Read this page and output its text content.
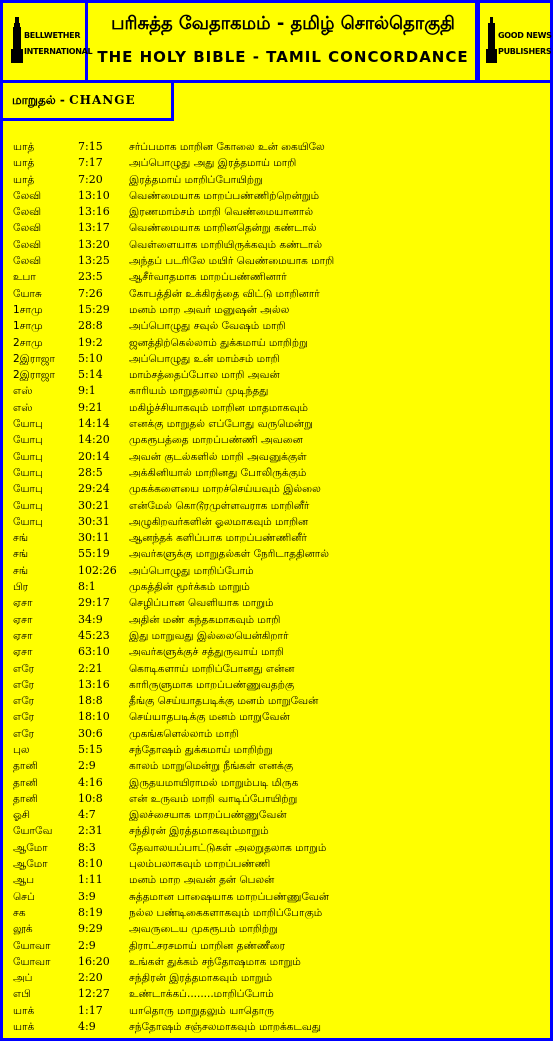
BELLWETHER
INTERNATIONAL
பரிசுத்த வேதாகமம் - தமிழ் சொல்தொகுதி
THE HOLY BIBLE - TAMIL CONCORDANCE
GOOD NEWS
PUBLISHERS
மாறுதல் - CHANGE
யாத்	7:15	சர்ப்பமாக மாறின கோலை உன் கையிலே
யாத்	7:17	அப்பொழுது அது இரத்தமாய் மாறி
யாத்	7:20	இரத்தமாய் மாறிப்போயிற்று
லேவி	13:10 வெண்மையாக மாறப்பண்ணிற்றென்றும்
லேவி	13:16 இரணமாம்சம் மாறி வெண்மையானால்
லேவி	13:17 வெண்மையாக மாறினதென்று கண்டால்
லேவி	13:20 வெள்ளையாக மாறியிருக்கவும் கண்டால்
லேவி	13:25 அந்தப் படரிலே மயிர் வெண்மையாக மாறி
உபா	23:5	ஆசீர்வாதமாக மாறப்பண்ணினார்
யோசு	7:26	கோபத்தின் உக்கிரத்தை விட்டு மாறினார்
1சாமு	15:29 மனம் மாற அவர் மனுஷன் அல்ல
1சாமு	28:8	அப்பொழுது சவுல் வேஷம் மாறி
2சாமு	19:2	ஜனத்திற்கெல்லாம் துக்கமாய் மாறிற்று
2இராஜா 5:10	அப்பொழுது உன் மாம்சம் மாறி
2இராஜா 5:14	மாம்சத்தைப்போல மாறி அவன்
எஸ்	9:1	காரியம் மாறுதலாய் முடிந்தது
எஸ்	9:21	மகிழ்ச்சியாகவும் மாறின மாதமாகவும்
யோபு	14:14 எனக்கு மாறுதல் எப்போது வருமென்று
யோபு	14:20 முகரூபத்தை மாறப்பண்ணி அவனை
யோபு	20:14 அவன் குடல்களில் மாறி அவனுக்குள்
யோபு	28:5	அக்கினியால் மாறினது போலிருக்கும்
யோபு	29:24 முகக்களையை மாறச்செய்யவும் இல்லை
யோபு	30:21 என்மேல் கொடூரமுள்ளவராக மாறினீர்
யோபு	30:31 அழுகிறவர்களின் ஓலமாகவும் மாறின
சங்	30:11 ஆனந்தக் களிப்பாக மாறப்பண்ணினீர்
சங்	55:19 அவர்களுக்கு மாறுதல்கள் நேரிடாததினால்
சங்	102:26 அப்பொழுது மாறிப்போம்
பிர	8:1	முகத்தின் மூர்க்கம் மாறும்
ஏசா	29:17 செழிப்பான வெளியாக மாறும்
ஏசா	34:9	அதின் மண் கந்தகமாகவும் மாறி
ஏசா	45:23 இது மாறுவது இல்லையென்கிறார்
ஏசா	63:10 அவர்களுக்குச் சத்துருவாய் மாறி
எரே	2:21	கொடிகளாய் மாறிப்போனது என்ன
எரே	13:16 காரிருளுமாக மாறப்பண்ணுவதற்கு
எரே	18:8	தீங்கு செய்யாதபடிக்கு மனம் மாறுவேன்
எரே	18:10 செய்யாதபடிக்கு மனம் மாறுவேன்
எரே	30:6	முகங்களெல்லாம் மாறி
புல	5:15	சந்தோஷம் துக்கமாய் மாறிற்று
தானி	2:9	காலம் மாறுமென்று நீங்கள் எனக்கு
தானி	4:16	இருதயமாயிராமல் மாறும்படி மிருக
தானி	10:8	என் உருவம் மாறி வாடிப்போயிற்று
ஓசி	4:7	இலச்சையாக மாறப்பண்ணுவேன்
யோவே 2:31	சந்திரன் இரத்தமாகவும்மாறும்
ஆமோ	8:3	தேவாலயப்பாட்டுகள் அலறுதலாக மாறும்
ஆமோ	8:10	புலம்பலாகவும் மாறப்பண்ணி
ஆப	1:11	மனம் மாற அவன் தன் பெலன்
செப்	3:9	சுத்தமான பாஷையாக மாறப்பண்ணுவேன்
சக	8:19	நல்ல பண்டிகைகளாகவும் மாறிப்போகும்
லூக்	9:29	அவருடைய முகரூபம் மாறிற்று
யோவா	2:9	திராட்சரசமாய் மாறின தண்ணீரை
யோவா	16:20 உங்கள் துக்கம் சந்தோஷமாக மாறும்
அப்	2:20	சந்திரன் இரத்தமாகவும் மாறும்
எபி	12:27 உண்டாக்கப்........மாறிப்போம்
யாக்	1:17	யாதொரு மாறுதலும் யாதொரு
யாக்	4:9	சந்தோஷம் சஞ்சலமாகவும் மாறக்கடவது
